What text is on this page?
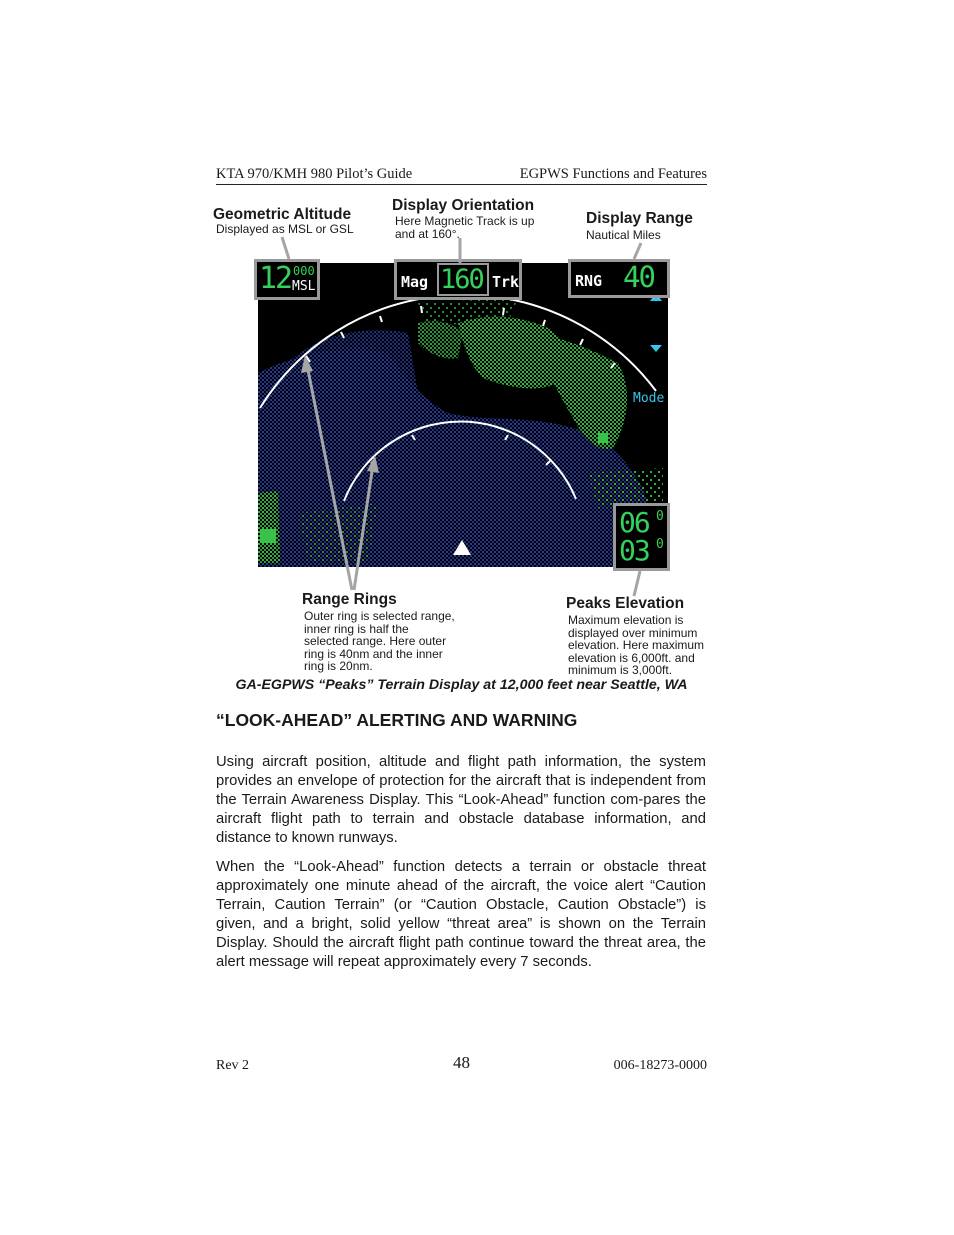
KTA 970/KMH 980 Pilot’s Guide	EGPWS Functions and Features
Geometric Altitude
Displayed as MSL or GSL
Display Orientation
Here Magnetic Track is up and at 160°.
Display Range
Nautical Miles
Range Rings
Outer ring is selected range, inner ring is half the selected range. Here outer ring is 40nm and the inner ring is 20nm.
Peaks Elevation
Maximum elevation is displayed over minimum elevation. Here maximum elevation is 6,000ft. and minimum is 3,000ft.
Mode
12 000
MSL	Mag 160 Trk	RNG 40
06 0
03 0
GA-EGPWS “Peaks” Terrain Display at 12,000 feet near Seattle, WA
“LOOK-AHEAD” ALERTING AND WARNING
Using aircraft position, altitude and flight path information, the system provides an envelope of protection for the aircraft that is independent from the Terrain Awareness Display. This “Look-Ahead” function com-pares the aircraft flight path to terrain and obstacle database information, and distance to known runways.
When the “Look-Ahead” function detects a terrain or obstacle threat approximately one minute ahead of the aircraft, the voice alert “Caution Terrain, Caution Terrain” (or “Caution Obstacle, Caution Obstacle”) is given, and a bright, solid yellow “threat area” is shown on the Terrain Display. Should the aircraft flight path continue toward the threat area, the alert message will repeat approximately every 7 seconds.
Rev 2	48	006-18273-0000
